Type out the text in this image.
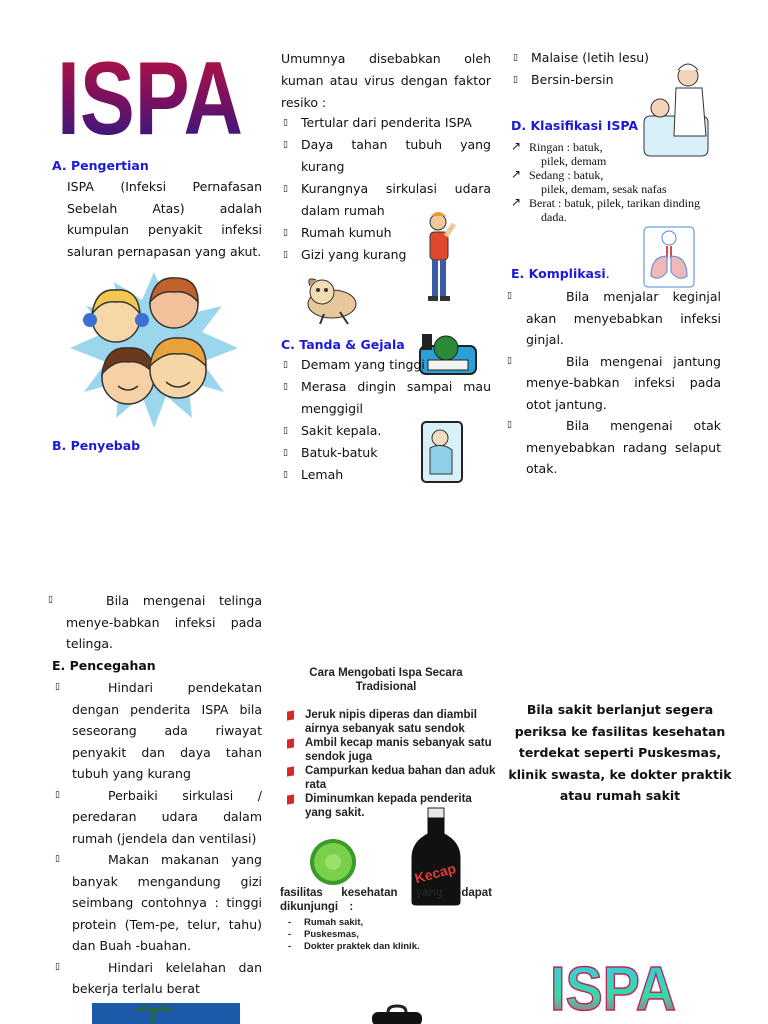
ISPA
A. Pengertian
ISPA (Infeksi Pernafasan Sebelah Atas) adalah kumpulan penyakit infeksi saluran pernapasan yang akut.
B. Penyebab
Umumnya disebabkan oleh kuman atau virus dengan faktor resiko :
▯ Tertular dari penderita ISPA
▯ Daya tahan tubuh yang kurang
▯ Kurangnya sirkulasi udara dalam rumah
▯ Rumah kumuh
▯ Gizi yang kurang
C. Tanda & Gejala
▯ Demam yang tinggi
▯ Merasa dingin sampai mau menggigil
▯ Sakit kepala.
▯ Batuk-batuk
▯ Lemah
▯ Malaise (letih lesu)
▯ Bersin-bersin
D. Klasifikasi ISPA
↗ Ringan : batuk,
pilek, demam
↗ Sedang : batuk,
pilek, demam, sesak nafas
↗ Berat : batuk, pilek, tarikan dinding
dada.
E. Komplikasi.
▯	Bila menjalar keginjal akan menyebabkan infeksi ginjal.
▯	Bila mengenai jantung menye-babkan infeksi pada otot jantung.
▯	Bila mengenai otak menyebabkan radang selaput otak.
▯	Bila mengenai telinga menye-babkan infeksi pada telinga.
E. Pencegahan
▯	Hindari pendekatan dengan penderita ISPA bila seseorang ada riwayat penyakit dan daya tahan tubuh yang kurang
▯	Perbaiki sirkulasi / peredaran udara dalam rumah (jendela dan ventilasi)
▯	Makan makanan yang banyak mengandung gizi seimbang contohnya : tinggi protein (Tem-pe, telur, tahu) dan Buah -buahan.
▯	Hindari kelelahan dan bekerja terlalu berat
Cara Mengobati Ispa Secara
Tradisional
Jeruk nipis diperas dan diambil airnya sebanyak satu sendok
Ambil kecap manis sebanyak satu sendok juga
Campurkan kedua bahan dan aduk rata
Diminumkan kepada penderita yang sakit.
Kecap
fasilitas kesehatan yang dapat dikunjungi :
- Rumah sakit,
- Puskesmas,
- Dokter praktek dan klinik.
Bila sakit berlanjut segera periksa ke fasilitas kesehatan terdekat seperti Puskesmas, klinik swasta, ke dokter praktik atau rumah sakit
ISPA
